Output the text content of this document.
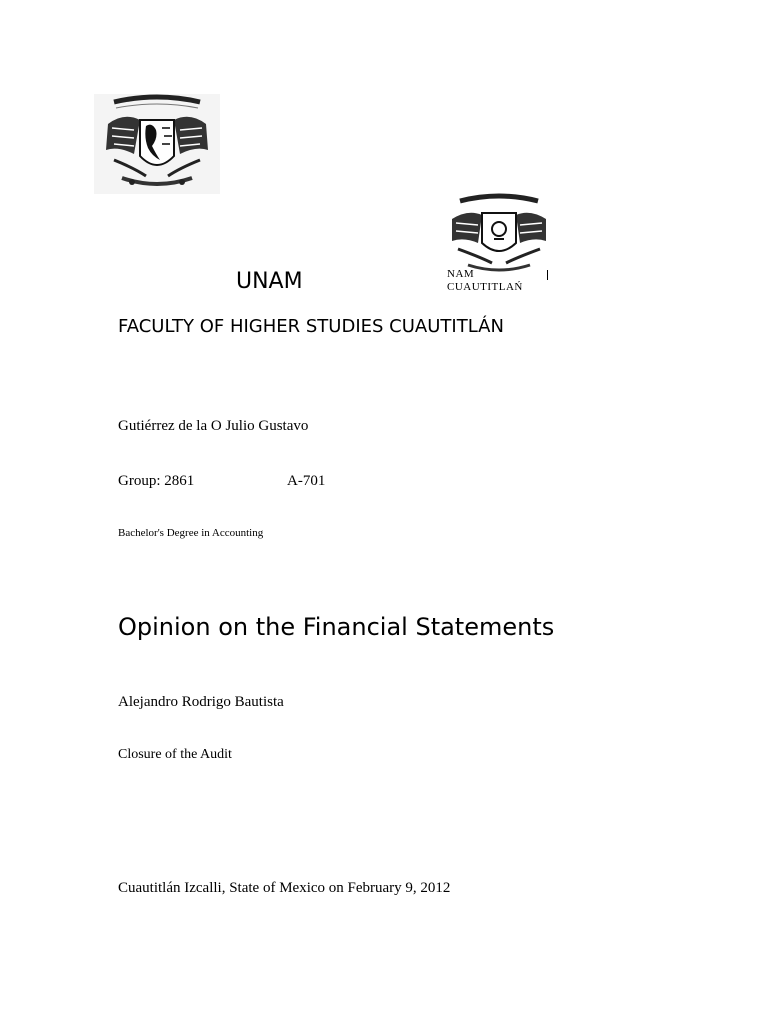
NAM
CUAUTITLAŃ
UNAM
FACULTY OF HIGHER STUDIES CUAUTITLÁN
Gutiérrez de la O Julio Gustavo
Group: 2861	A-701
Bachelor's Degree in Accounting
Opinion on the Financial Statements
Alejandro Rodrigo Bautista
Closure of the Audit
Cuautitlán Izcalli, State of Mexico on February 9, 2012
